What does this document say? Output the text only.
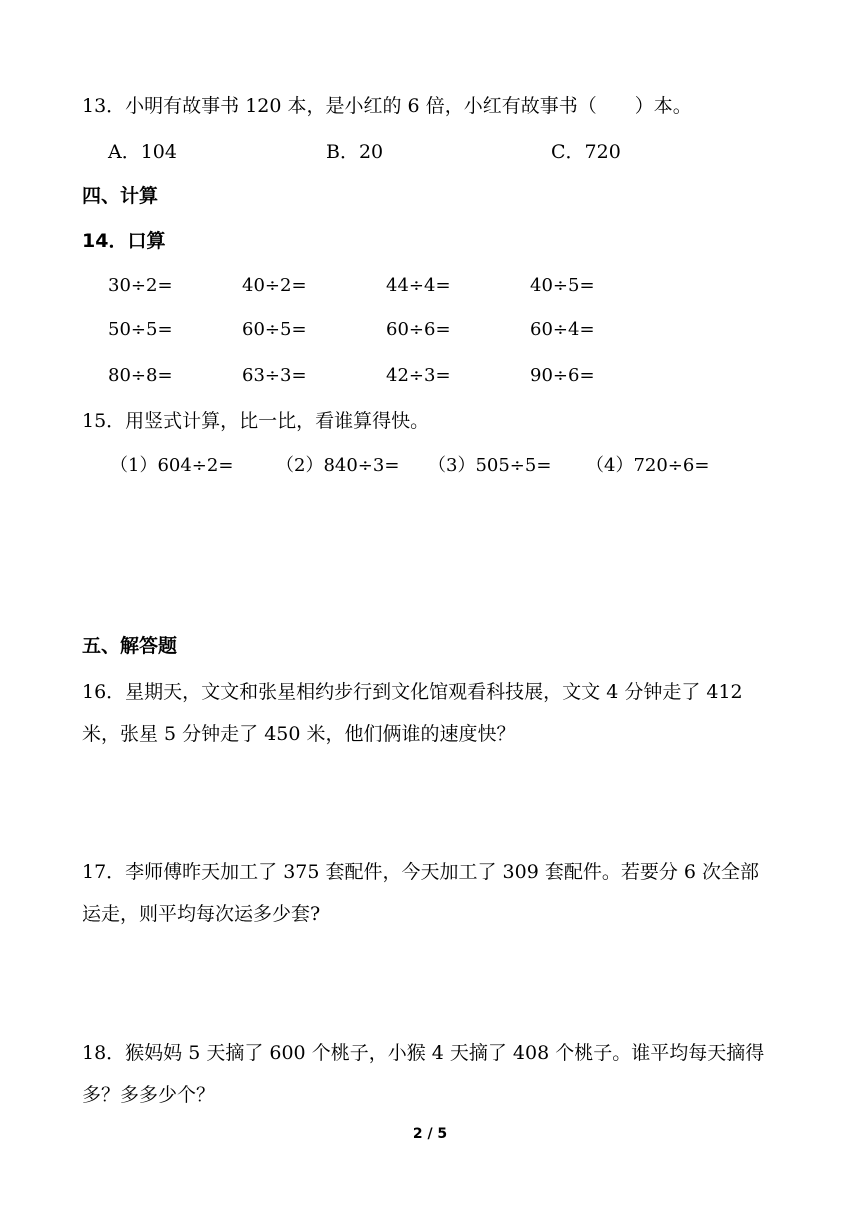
13．小明有故事书 120 本，是小红的 6 倍，小红有故事书（　　）本。
A．104	B．20	C．720
四、计算
14．口算
30÷2=	40÷2=	44÷4=	40÷5=
50÷5=	60÷5=	60÷6=	60÷4=
80÷8=	63÷3=	42÷3=	90÷6=
15．用竖式计算，比一比，看谁算得快。
（1）604÷2= （2）840÷3= （3）505÷5= （4）720÷6=
五、解答题
16．星期天，文文和张星相约步行到文化馆观看科技展，文文 4 分钟走了 412
米，张星 5 分钟走了 450 米，他们俩谁的速度快？
17．李师傅昨天加工了 375 套配件，今天加工了 309 套配件。若要分 6 次全部
运走，则平均每次运多少套?
18．猴妈妈 5 天摘了 600 个桃子，小猴 4 天摘了 408 个桃子。谁平均每天摘得
多？多多少个？
2 / 5
